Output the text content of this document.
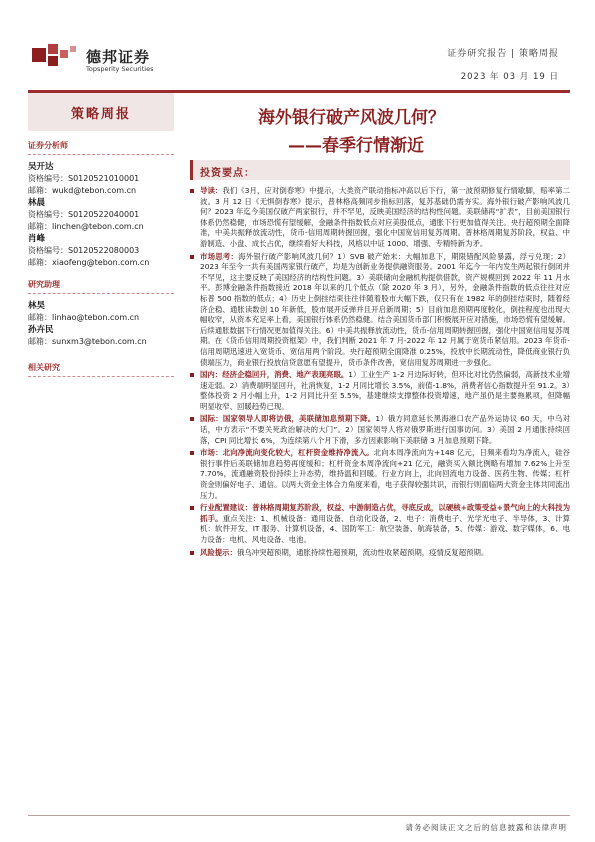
德邦证券
Topsperity Securities
证券研究报告 | 策略周报
2023 年 03 月 19 日
策略周报	海外银行破产风波几何？
——春季行情渐近
证券分析师
吴开达
资格编号：S0120521010001
邮箱：wukd@tebon.com.cn
林晨
资格编号：S0120522040001
邮箱：linchen@tebon.com.cn
肖峰
资格编号：S0120522080003
邮箱：xiaofeng@tebon.com.cn
研究助理
林昊
邮箱：linhao@tebon.com.cn
孙卉民
邮箱：sunxm3@tebon.com.cn
相关研究
投资要点：
导读：我们《3月，应对倒春寒》中提示，大类资产联动指标冲高以后下行，第一波预期修复行情歇脚，赔率第二波。3 月 12 日《无惧倒春寒》提示，普林格高频同步指标回落，复苏基础仍需夯实。海外银行破产影响风波几何？2023 年迄今美国仅破产两家银行，并不罕见，反映美国经济的结构性问题。美联储再“扩表”，目前美国银行体系仍然稳健，市场恐慌有望缓解，金融条件指数低点对应美股低点，通胀下行更加值得关注。央行超预期全面降准，中美共振释放流动性，货币-信用周期转握回握，强化中国宽信用复苏周期。普林格周期复苏阶段，权益、中游制造、小盘、成长占优，继续看好大科技，风格以中证 1000、增强、专精特新为矛。
市场思考：海外银行破产影响风波几何？1）SVB 破产始末：大幅加息下，期限错配风险暴露，浮亏兑现；2）2023 年至今一共有美国两家银行破产，均是为创新业务提供融资服务。2001 年迄今一年内发生两起银行倒闭并不罕见，这主要反映了美国经济的结构性问题。3）美联储向金融机构提供借款，资产规模回到 2022 年 11 月水平。彭博金融条件指数接近 2018 年以来的几个低点（除 2020 年 3 月），另外，金融条件指数的低点往往对应标普 500 指数的低点；4）历史上倒挂结束往往伴随着股市大幅下跌，仅只有在 1982 年的倒挂结束时，随着经济企稳、通胀读数创 10 年新低，股市展开反弹并且开启新周期；5）目前加息预期再度較化，倒挂程度也出现大幅收窄，从资本充足率上看，美国银行体系仍然稳健。结合美国货币部门积极展开应对措施，市场恐慌有望缓解。后续通胀数据下行情况更加值得关注。6）中美共振释放流动性，货币-信用周期转握回握，强化中国宽信用复苏周期。在《货币信用周期投资框架》中，我们判断 2021 年 7 月-2022 年 12 月属于宽货币紧信用。2023 年货币-信用周期迅速进入宽货币、宽信用两个阶段。央行超预期全面降准 0.25%，投放中长期流动性，降低商业银行负债端压力，商业银行投放信贷意愿有望提升，货币条件改善，宽信用复苏周期进一步强化。
国内：经济企稳回升，消费、地产表现亮眼。1）工业生产 1-2 月边际好转，但环比对比仍然偏弱，高新技术业增速走弱。2）消费端明显回升，社消恢复，1-2 月同比增长 3.5%，前值-1.8%，消费者信心指数提升至 91.2。3）整体投资 2 月小幅上升，1-2 月同比升至 5.5%，基建继续支撑整体投资增速，地产虽仍是主要拖累项，但降幅明显收窄、回暖趋势已现。
国际：国家领导人即将访俄，美联储加息预期下降。1）俄方同意延长黑海港口农产品外运协议 60 天，中乌对话，中方表示“不要关死政治解决的大门”。2）国家领导人将对俄罗斯进行国事访问。3）美国 2 月通胀持续回落，CPI 同比增长 6%，为连续第八个月下滑，多方因素影响下美联储 3 月加息预期下降。
市场：北向净流向变化较大，杠杆资金维持净流入。北向本周净流向为+148 亿元，日频来看均为净流入，硅谷银行事件后美联储加息趋势再度缓和；杠杆资金本周净流向+21 亿元，融资买入额比例略有增加 7.62%上升至 7.70%，流通融资股份持续上升态势，维持温和回暖。行业方向上，北向回流电力设备、医药生物、传媒；杠杆资金则偏好电子、通信。以两大资金主体合力角度来看，电子获得较强共识，而银行则面临两大资金主体共同流出压力。
行业配置建议：普林格周期复苏阶段，权益、中游制造占优，寻底反成，以硬核+政策受益+景气向上的大科技为抓手。重点关注：1、机械设备：通用设备、自动化设备，2、电子：消费电子、光学光电子、半导体，3、计算机：软件开发、IT 服务、计算机设备，4、国防军工：航空装备、航海装备，5、传媒：游戏、数字媒体，6、电力设备：电机、风电设备、电池。
风险提示：俄乌冲突超预期，通胀持续性超预期，流动性收紧超预期，疫情反复超预期。
请务必阅读正文之后的信息披露和法律声明
